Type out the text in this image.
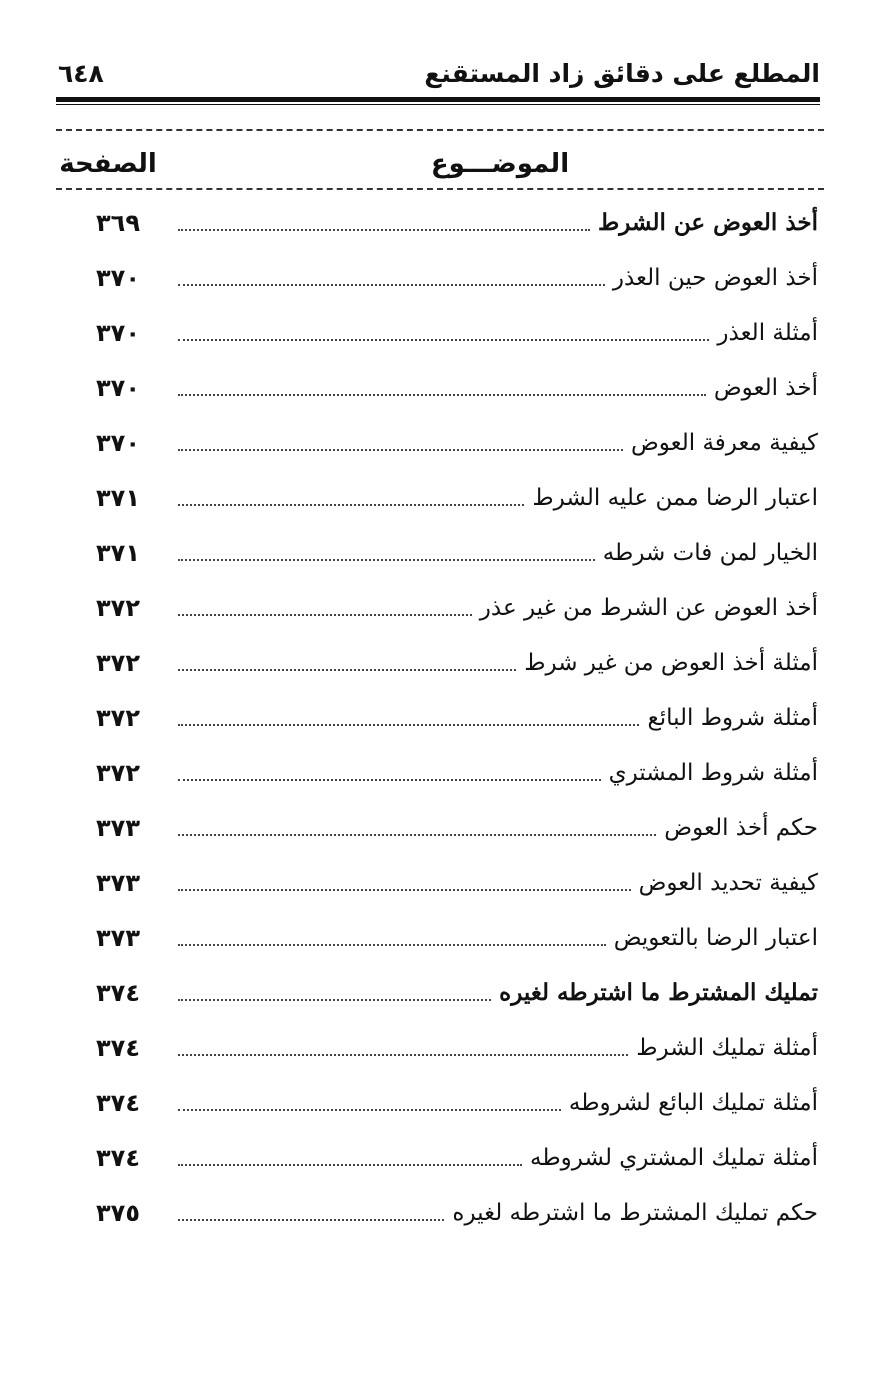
المطلع على دقائق زاد المستقنع
٦٤٨
الموضـــوع
الصفحة
أخذ العوض عن الشرط
٣٦٩
أخذ العوض حين العذر
٣٧٠
أمثلة العذر
٣٧٠
أخذ العوض
٣٧٠
كيفية معرفة العوض
٣٧٠
اعتبار الرضا ممن عليه الشرط
٣٧١
الخيار لمن فات شرطه
٣٧١
أخذ العوض عن الشرط من غير عذر
٣٧٢
أمثلة أخذ العوض من غير شرط
٣٧٢
أمثلة شروط البائع
٣٧٢
أمثلة شروط المشتري
٣٧٢
حكم أخذ العوض
٣٧٣
كيفية تحديد العوض
٣٧٣
اعتبار الرضا بالتعويض
٣٧٣
تمليك المشترط ما اشترطه لغيره
٣٧٤
أمثلة تمليك الشرط
٣٧٤
أمثلة تمليك البائع لشروطه
٣٧٤
أمثلة تمليك المشتري لشروطه
٣٧٤
حكم تمليك المشترط ما اشترطه لغيره
٣٧٥
